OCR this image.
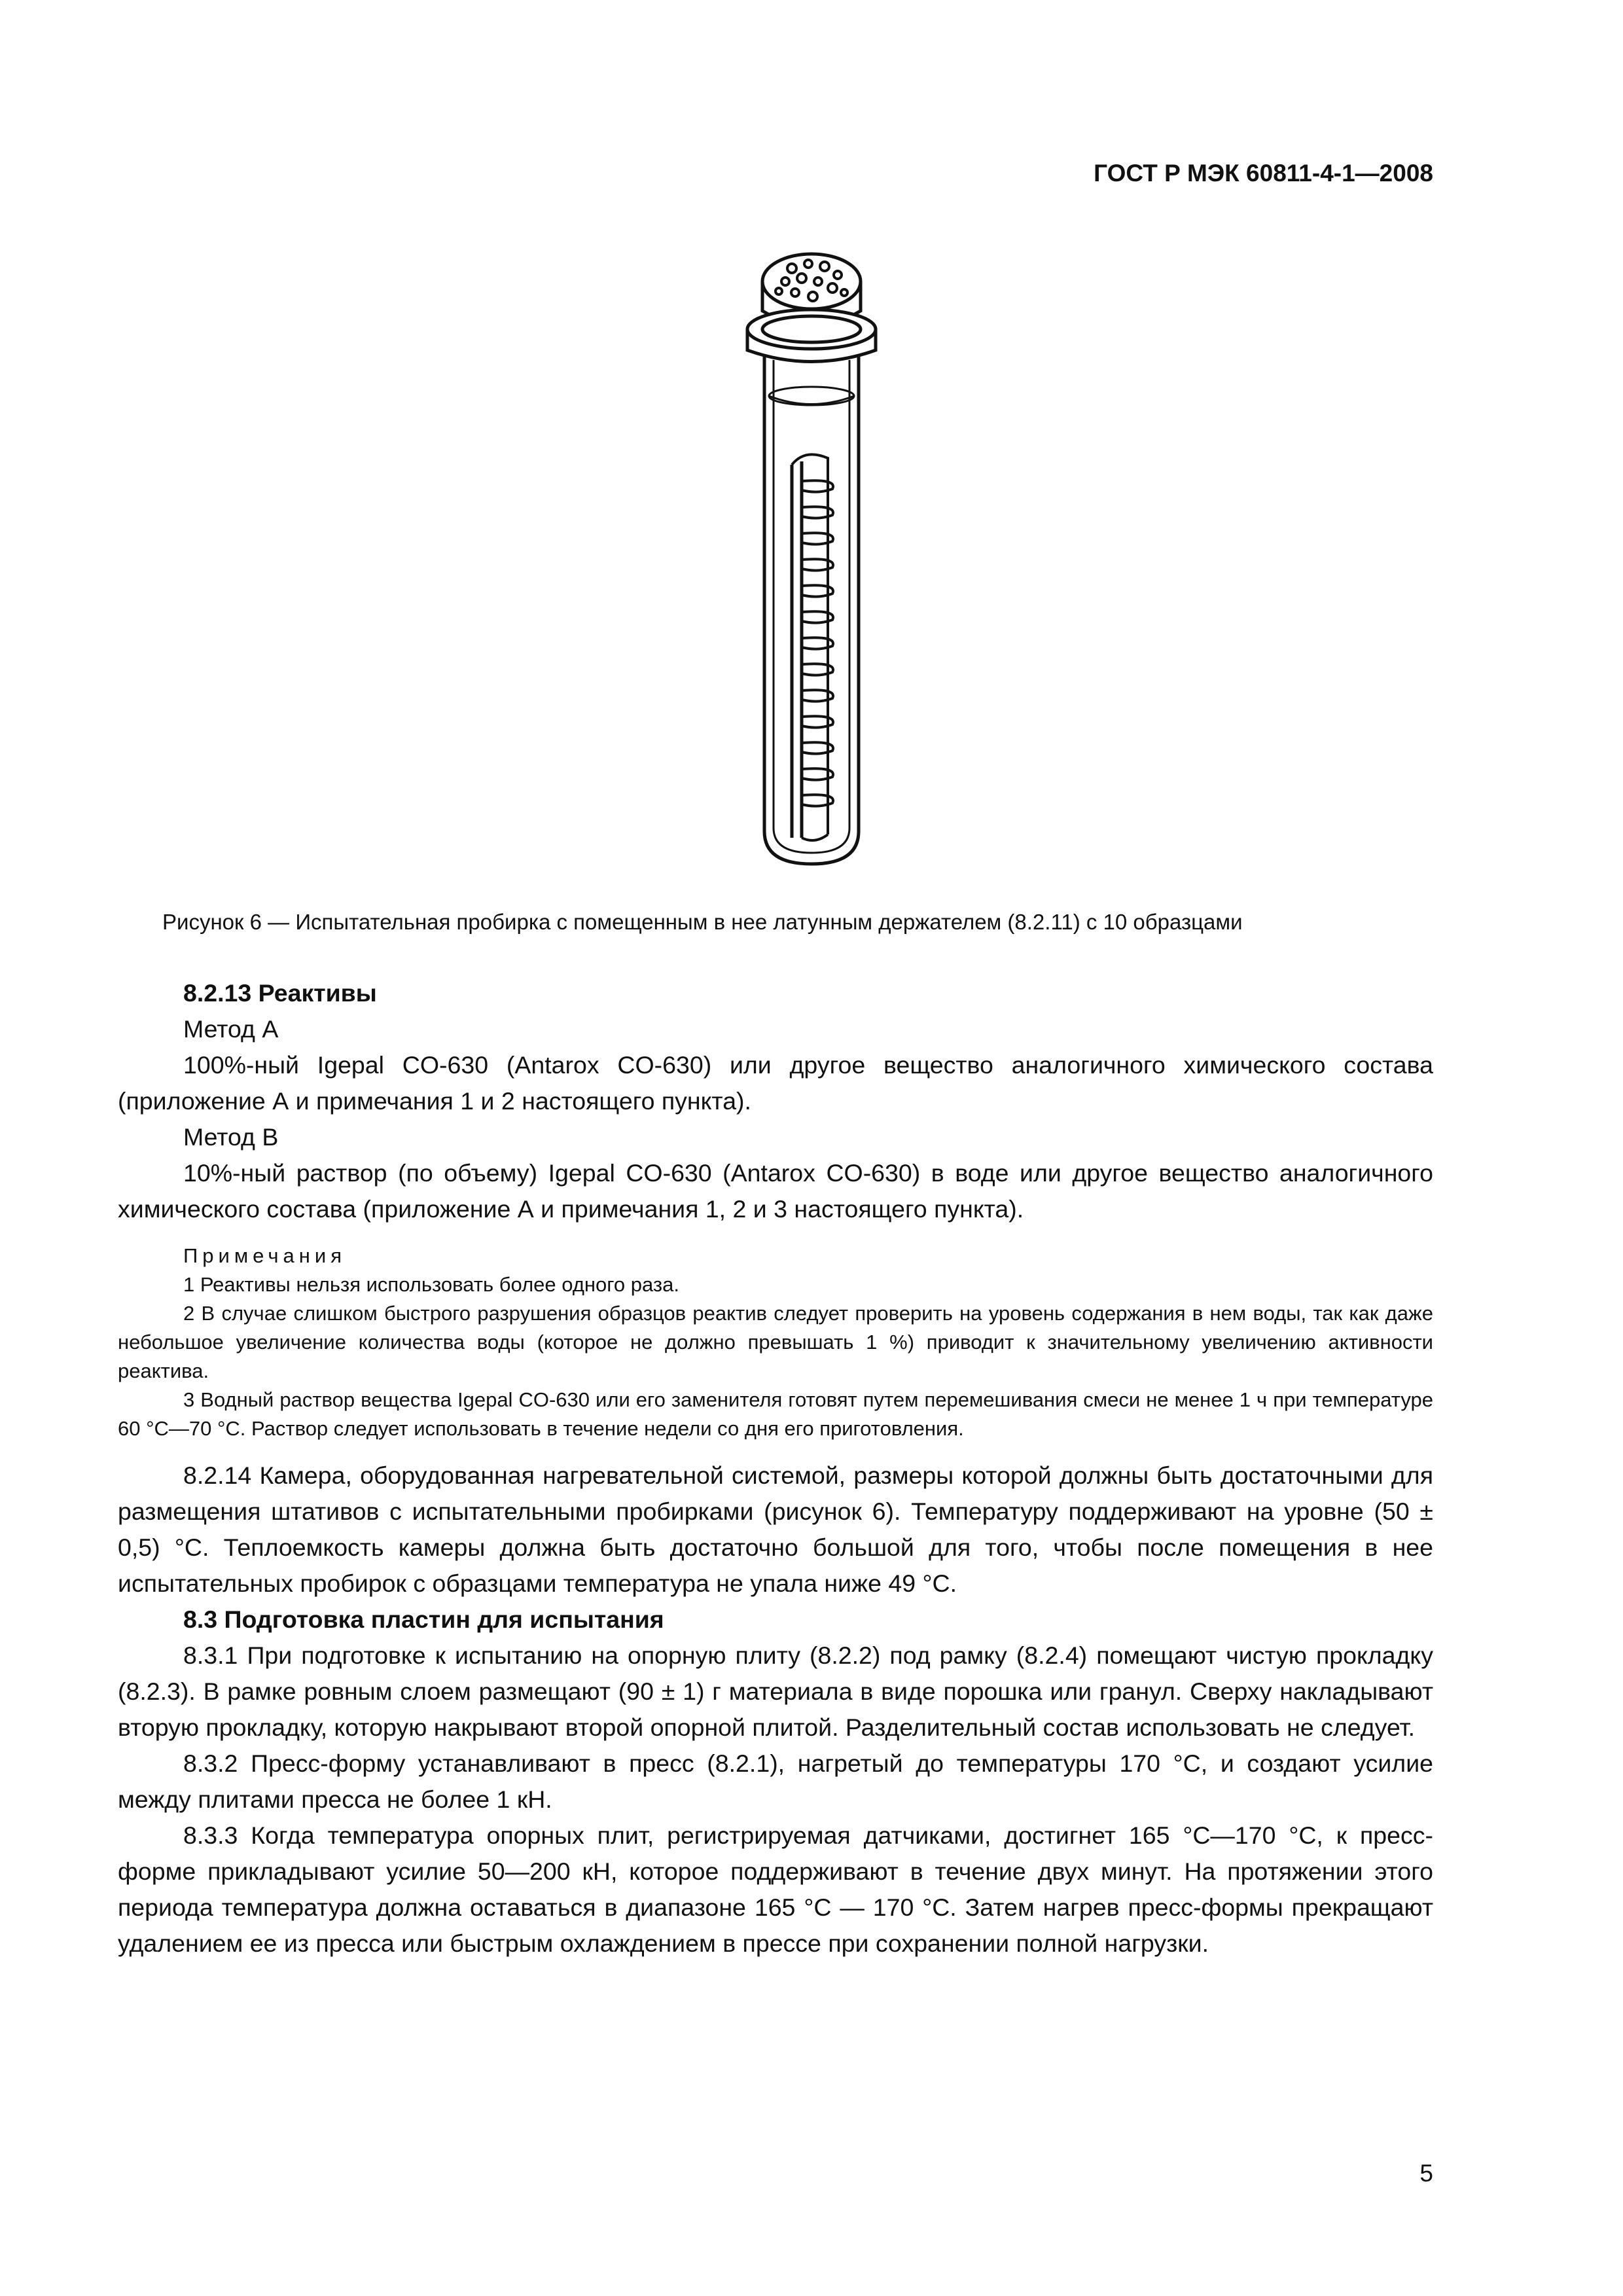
ГОСТ Р МЭК 60811-4-1—2008
Рисунок 6 — Испытательная пробирка с помещенным в нее латунным держателем (8.2.11) с 10 образцами

8.2.13 Реактивы

Метод А

100%-ный Igepal CO-630 (Antarox CO-630) или другое вещество аналогичного химического состава (приложение А и примечания 1 и 2 настоящего пункта).

Метод В

10%-ный раствор (по объему) Igepal CO-630 (Antarox CO-630) в воде или другое вещество аналогичного химического состава (приложение А и примечания 1, 2 и 3 настоящего пункта).

Примечания

1 Реактивы нельзя использовать более одного раза.

2 В случае слишком быстрого разрушения образцов реактив следует проверить на уровень содержания в нем воды, так как даже небольшое увеличение количества воды (которое не должно превышать 1 %) приводит к значительному увеличению активности реактива.

3 Водный раствор вещества Igepal CO-630 или его заменителя готовят путем перемешивания смеси не менее 1 ч при температуре 60 °С—70 °С. Раствор следует использовать в течение недели со дня его приготовления.

8.2.14 Камера, оборудованная нагревательной системой, размеры которой должны быть достаточными для размещения штативов с испытательными пробирками (рисунок 6). Температуру поддерживают на уровне (50 ± 0,5) °С. Теплоемкость камеры должна быть достаточно большой для того, чтобы после помещения в нее испытательных пробирок с образцами температура не упала ниже 49 °С.

8.3 Подготовка пластин для испытания

8.3.1 При подготовке к испытанию на опорную плиту (8.2.2) под рамку (8.2.4) помещают чистую прокладку (8.2.3). В рамке ровным слоем размещают (90 ± 1) г материала в виде порошка или гранул. Сверху накладывают вторую прокладку, которую накрывают второй опорной плитой. Разделительный состав использовать не следует.

8.3.2 Пресс-форму устанавливают в пресс (8.2.1), нагретый до температуры 170 °С, и создают усилие между плитами пресса не более 1 кН.

8.3.3 Когда температура опорных плит, регистрируемая датчиками, достигнет 165 °С—170 °С, к пресс-форме прикладывают усилие 50—200 кН, которое поддерживают в течение двух минут. На протяжении этого периода температура должна оставаться в диапазоне 165 °С — 170 °С. Затем нагрев пресс-формы прекращают удалением ее из пресса или быстрым охлаждением в прессе при сохранении полной нагрузки.

5
